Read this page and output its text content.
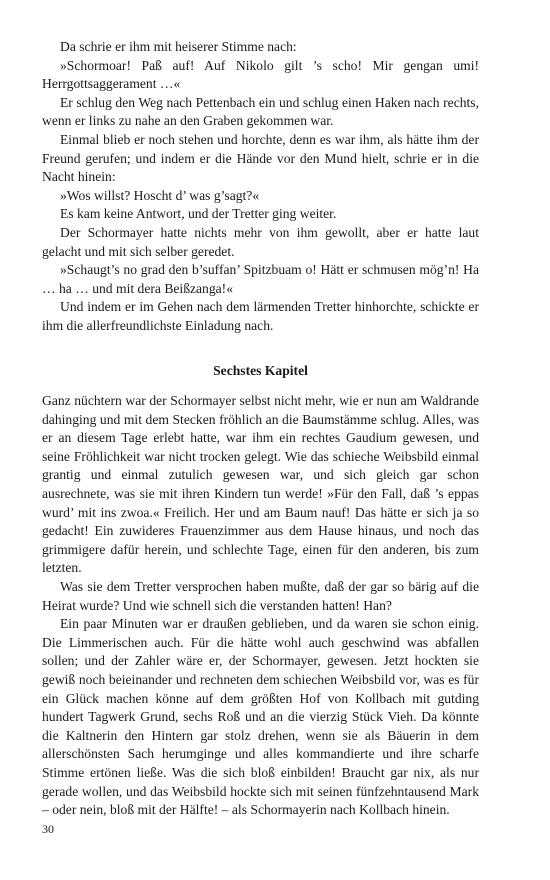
Da schrie er ihm mit heiserer Stimme nach:

»Schormoar! Paß auf! Auf Nikolo gilt ’s scho! Mir gengan umi! Herrgottsaggerament …«

Er schlug den Weg nach Pettenbach ein und schlug einen Haken nach rechts, wenn er links zu nahe an den Graben gekommen war.

Einmal blieb er noch stehen und horchte, denn es war ihm, als hätte ihm der Freund gerufen; und indem er die Hände vor den Mund hielt, schrie er in die Nacht hinein:

»Wos willst? Hoscht d’ was g’sagt?«

Es kam keine Antwort, und der Tretter ging weiter.

Der Schormayer hatte nichts mehr von ihm gewollt, aber er hatte laut gelacht und mit sich selber geredet.

»Schaugt’s no grad den b’suffan’ Spitzbuam o! Hätt er schmusen mög’n! Ha … ha … und mit dera Beißzanga!«

Und indem er im Gehen nach dem lärmenden Tretter hinhorchte, schickte er ihm die allerfreundlichste Einladung nach.

Sechstes Kapitel

Ganz nüchtern war der Schormayer selbst nicht mehr, wie er nun am Waldrande dahinging und mit dem Stecken fröhlich an die Baumstämme schlug. Alles, was er an diesem Tage erlebt hatte, war ihm ein rechtes Gaudium gewesen, und seine Fröhlichkeit war nicht trocken gelegt. Wie das schieche Weibsbild einmal grantig und einmal zutulich gewesen war, und sich gleich gar schon ausrechnete, was sie mit ihren Kindern tun werde! »Für den Fall, daß ’s eppas wurd’ mit ins zwoa.« Freilich. Her und am Baum nauf! Das hätte er sich ja so gedacht! Ein zuwideres Frauenzimmer aus dem Hause hinaus, und noch das grimmigere dafür herein, und schlechte Tage, einen für den anderen, bis zum letzten.

Was sie dem Tretter versprochen haben mußte, daß der gar so bärig auf die Heirat wurde? Und wie schnell sich die verstanden hatten! Han?

Ein paar Minuten war er draußen geblieben, und da waren sie schon einig. Die Limmerischen auch. Für die hätte wohl auch geschwind was abfallen sollen; und der Zahler wäre er, der Schormayer, gewesen. Jetzt hockten sie gewiß noch beieinander und rechneten dem schiechen Weibsbild vor, was es für ein Glück machen könne auf dem größten Hof von Kollbach mit gutding hundert Tagwerk Grund, sechs Roß und an die vierzig Stück Vieh. Da könnte die Kaltnerin den Hintern gar stolz drehen, wenn sie als Bäuerin in dem allerschönsten Sach herumginge und alles kommandierte und ihre scharfe Stimme ertönen ließe. Was die sich bloß einbilden! Braucht gar nix, als nur gerade wollen, und das Weibsbild hockte sich mit seinen fünfzehntausend Mark – oder nein, bloß mit der Hälfte! – als Schormayerin nach Kollbach hinein.

30
